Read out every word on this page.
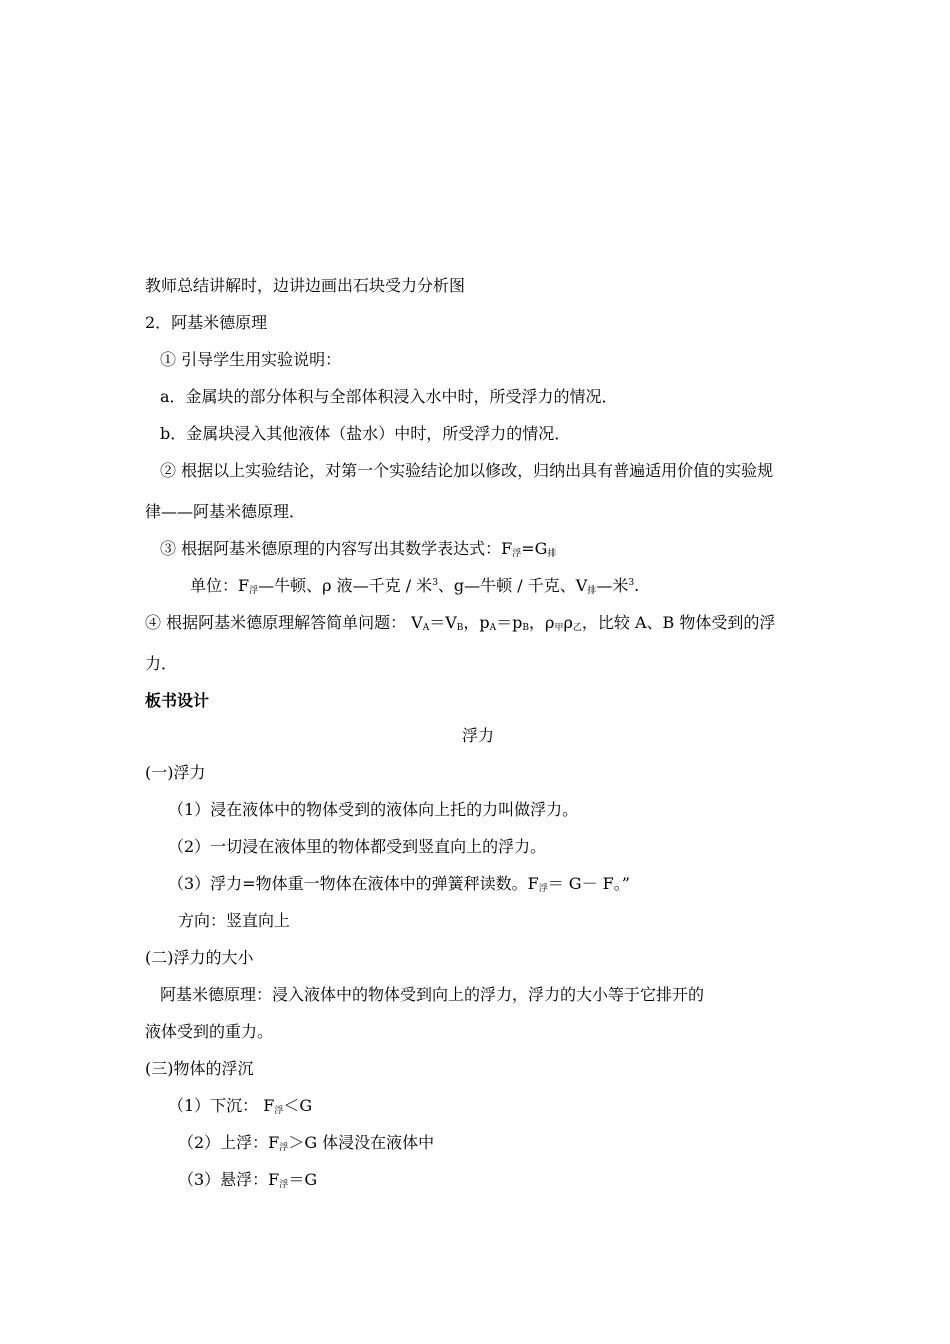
教师总结讲解时，边讲边画出石块受力分析图
2．阿基米德原理
① 引导学生用实验说明：
a．金属块的部分体积与全部体积浸入水中时，所受浮力的情况．
b．金属块浸入其他液体（盐水）中时，所受浮力的情况．
② 根据以上实验结论，对第一个实验结论加以修改，归纳出具有普遍适用价值的实验规
律——阿基米德原理．
③ 根据阿基米德原理的内容写出其数学表达式：$F_浮=G_排$
单位：$F_浮—$牛顿、ρ 液—千克 / 米$^3$、g—牛顿 / 千克、$V_排—$米$^3$.
④ 根据阿基米德原理解答简单问题： $V_A=V_B$，$p_A=p_B$，$\rho_甲\rho_乙$，比较 A、B 物体受到的浮
力．
板书设计
浮力
(一)浮力
（1）浸在液体中的物体受到的液体向上托的力叫做浮力。
（2）一切浸在液体里的物体都受到竖直向上的浮力。
（3）浮力=物体重一物体在液体中的弹簧秤读数。$F_浮= G- F$。”
方向：竖直向上
(二)浮力的大小
阿基米德原理：浸入液体中的物体受到向上的浮力，浮力的大小等于它排开的
液体受到的重力。
(三)物体的浮沉
（1）下沉： $F_浮<G$
（2）上浮：$F_浮>G$ 体浸没在液体中
（3）悬浮：$F_浮=G$
